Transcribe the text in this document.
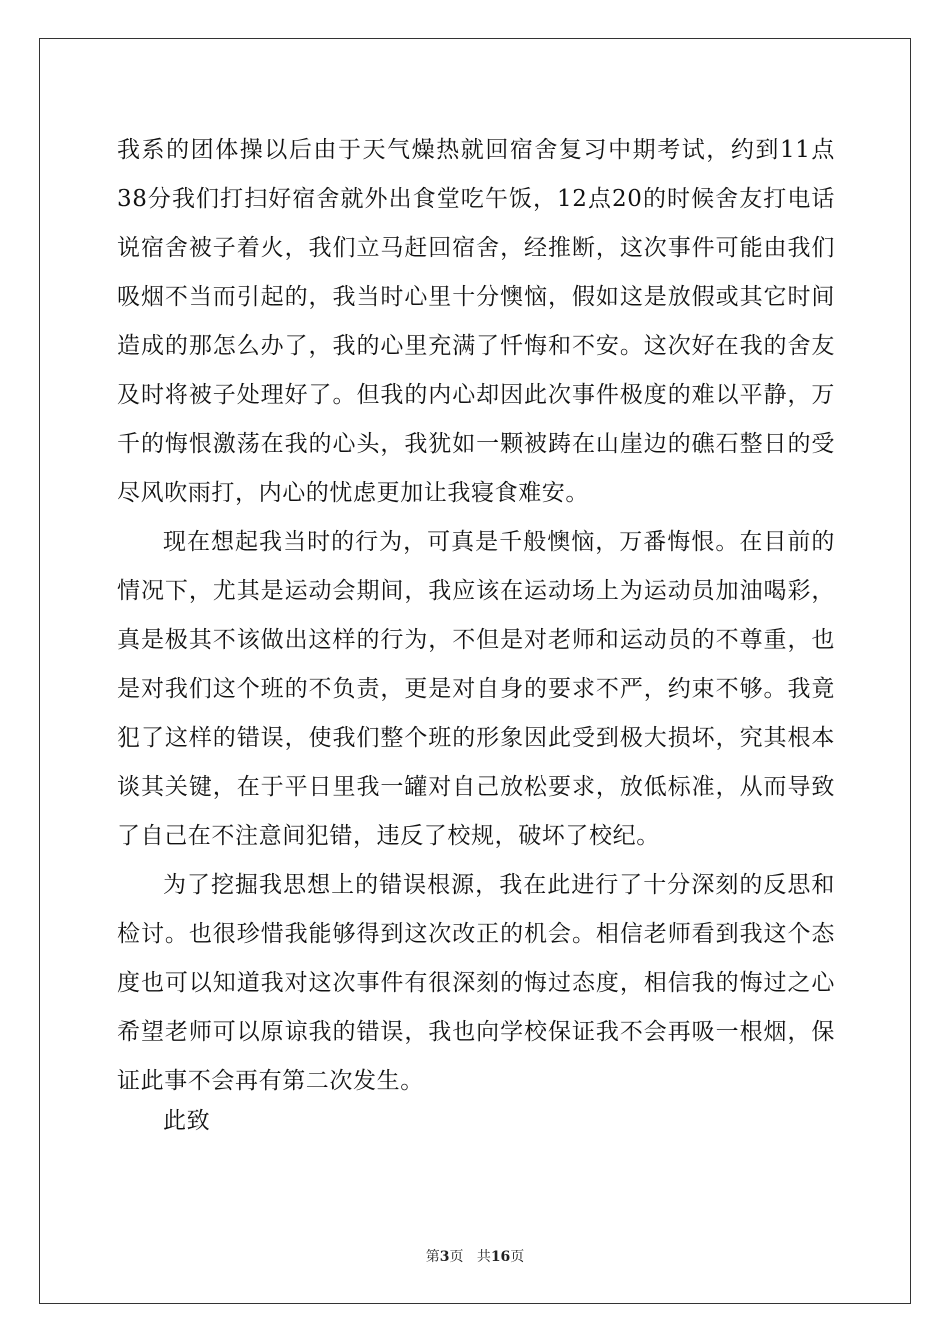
我系的团体操以后由于天气燥热就回宿舍复习中期考试，约到11点
38分我们打扫好宿舍就外出食堂吃午饭，12点20的时候舍友打电话
说宿舍被子着火，我们立马赶回宿舍，经推断，这次事件可能由我们
吸烟不当而引起的，我当时心里十分懊恼，假如这是放假或其它时间
造成的那怎么办了，我的心里充满了忏悔和不安。这次好在我的舍友
及时将被子处理好了。但我的内心却因此次事件极度的难以平静，万
千的悔恨激荡在我的心头，我犹如一颗被踌在山崖边的礁石整日的受
尽风吹雨打，内心的忧虑更加让我寝食难安。
现在想起我当时的行为，可真是千般懊恼，万番悔恨。在目前的
情况下，尤其是运动会期间，我应该在运动场上为运动员加油喝彩，
真是极其不该做出这样的行为，不但是对老师和运动员的不尊重，也
是对我们这个班的不负责，更是对自身的要求不严，约束不够。我竟
犯了这样的错误，使我们整个班的形象因此受到极大损坏，究其根本
谈其关键，在于平日里我一罐对自己放松要求，放低标准，从而导致
了自己在不注意间犯错，违反了校规，破坏了校纪。
为了挖掘我思想上的错误根源，我在此进行了十分深刻的反思和
检讨。也很珍惜我能够得到这次改正的机会。相信老师看到我这个态
度也可以知道我对这次事件有很深刻的悔过态度，相信我的悔过之心
希望老师可以原谅我的错误，我也向学校保证我不会再吸一根烟，保
证此事不会再有第二次发生。
此致
第3页 共16页
